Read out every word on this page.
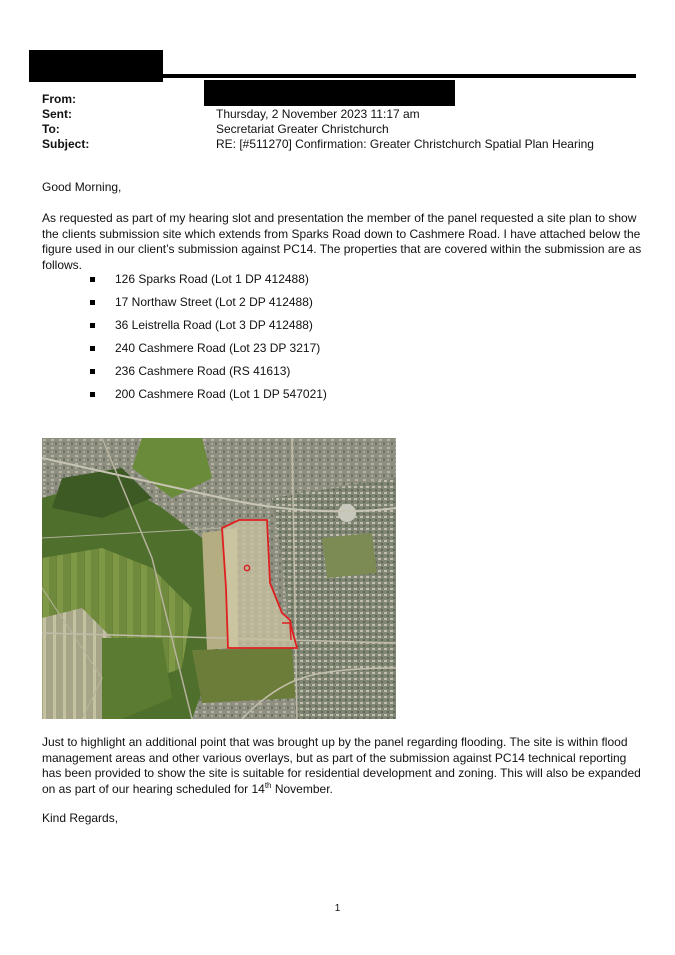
From:
Sent:	Thursday, 2 November 2023 11:17 am
To:	Secretariat Greater Christchurch
Subject:	RE: [#511270] Confirmation: Greater Christchurch Spatial Plan Hearing
Good Morning,
As requested as part of my hearing slot and presentation the member of the panel requested a site plan to show the clients submission site which extends from Sparks Road down to Cashmere Road. I have attached below the figure used in our client’s submission against PC14. The properties that are covered within the submission are as follows.
126 Sparks Road (Lot 1 DP 412488)
17 Northaw Street (Lot 2 DP 412488)
36 Leistrella Road (Lot 3 DP 412488)
240 Cashmere Road (Lot 23 DP 3217)
236 Cashmere Road (RS 41613)
200 Cashmere Road (Lot 1 DP 547021)
Just to highlight an additional point that was brought up by the panel regarding flooding. The site is within flood management areas and other various overlays, but as part of the submission against PC14 technical reporting has been provided to show the site is suitable for residential development and zoning. This will also be expanded on as part of our hearing scheduled for 14th November.
Kind Regards,
1
